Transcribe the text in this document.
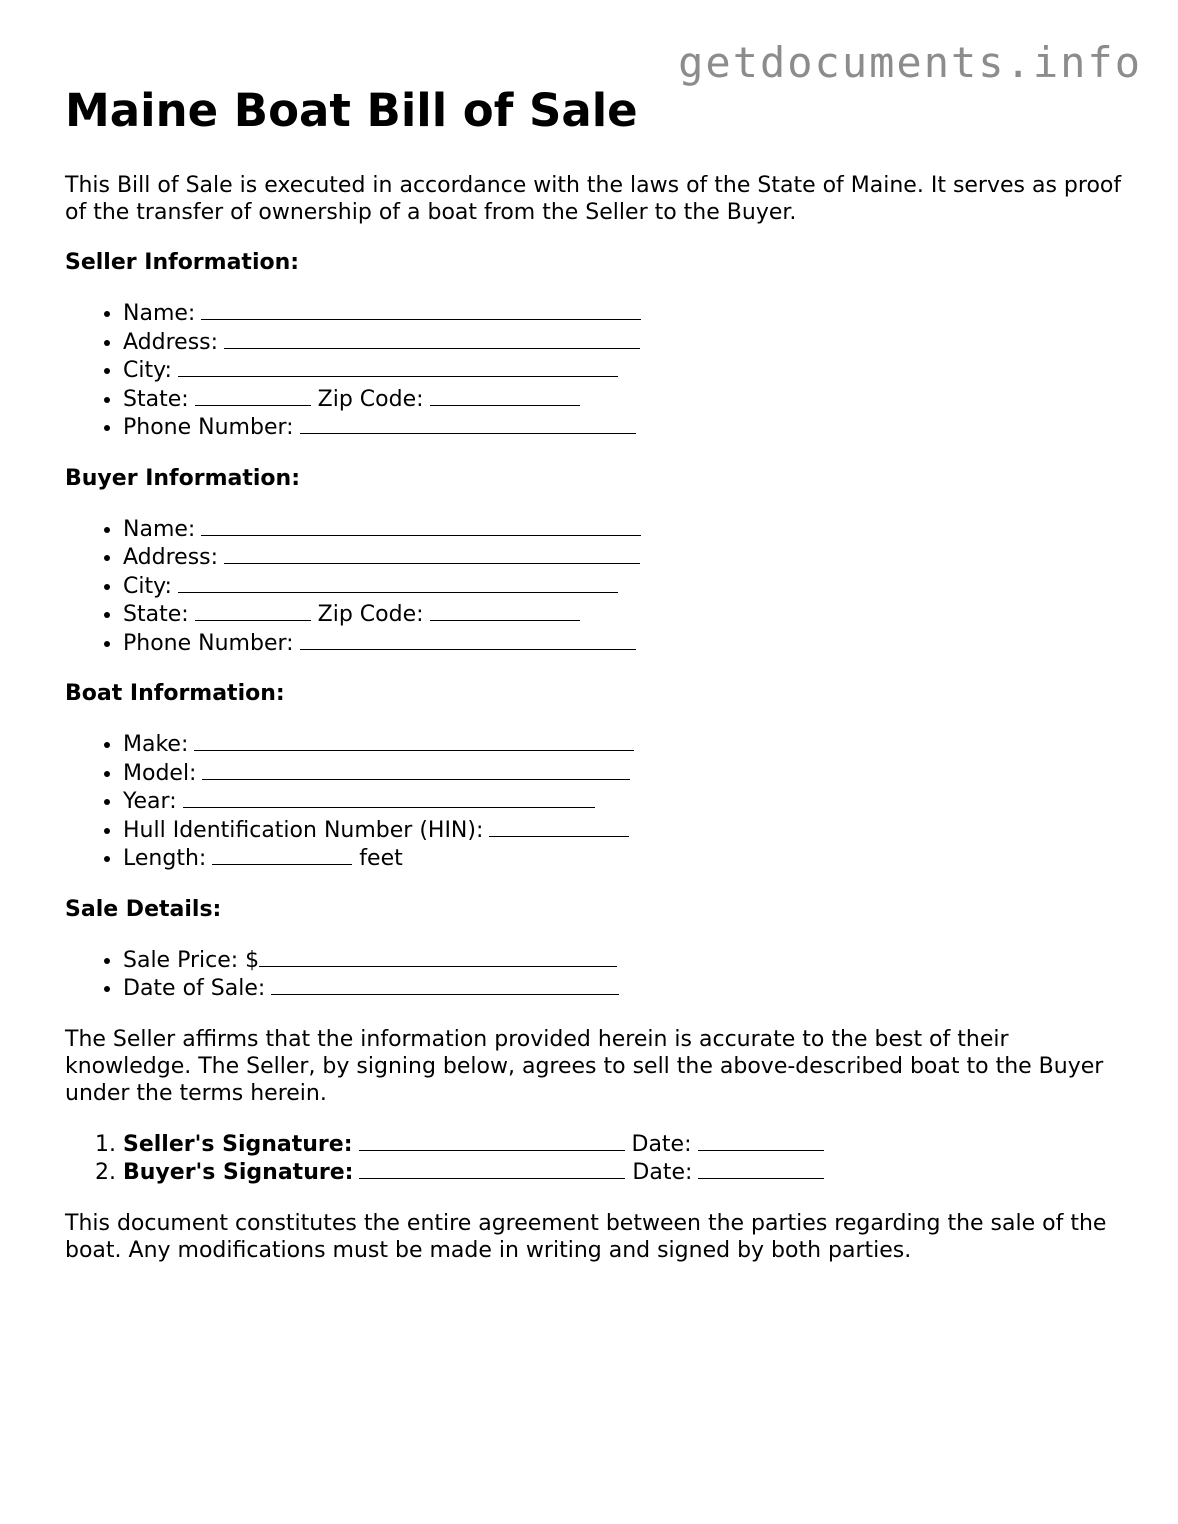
getdocuments.info
Maine Boat Bill of Sale

This Bill of Sale is executed in accordance with the laws of the State of Maine. It serves as proof of the transfer of ownership of a boat from the Seller to the Buyer.

Seller Information:
• Name:
• Address:
• City:
• State:	Zip Code:
• Phone Number:
Buyer Information:
• Name:
• Address:
• City:
• State:	Zip Code:
• Phone Number:
Boat Information:
• Make:
• Model:
• Year:
• Hull Identification Number (HIN):
• Length:	feet
Sale Details:
• Sale Price: $
• Date of Sale:

The Seller affirms that the information provided herein is accurate to the best of their knowledge. The Seller, by signing below, agrees to sell the above-described boat to the Buyer under the terms herein.

1. Seller's Signature:	Date:
2. Buyer's Signature:	Date:

This document constitutes the entire agreement between the parties regarding the sale of the boat. Any modifications must be made in writing and signed by both parties.
